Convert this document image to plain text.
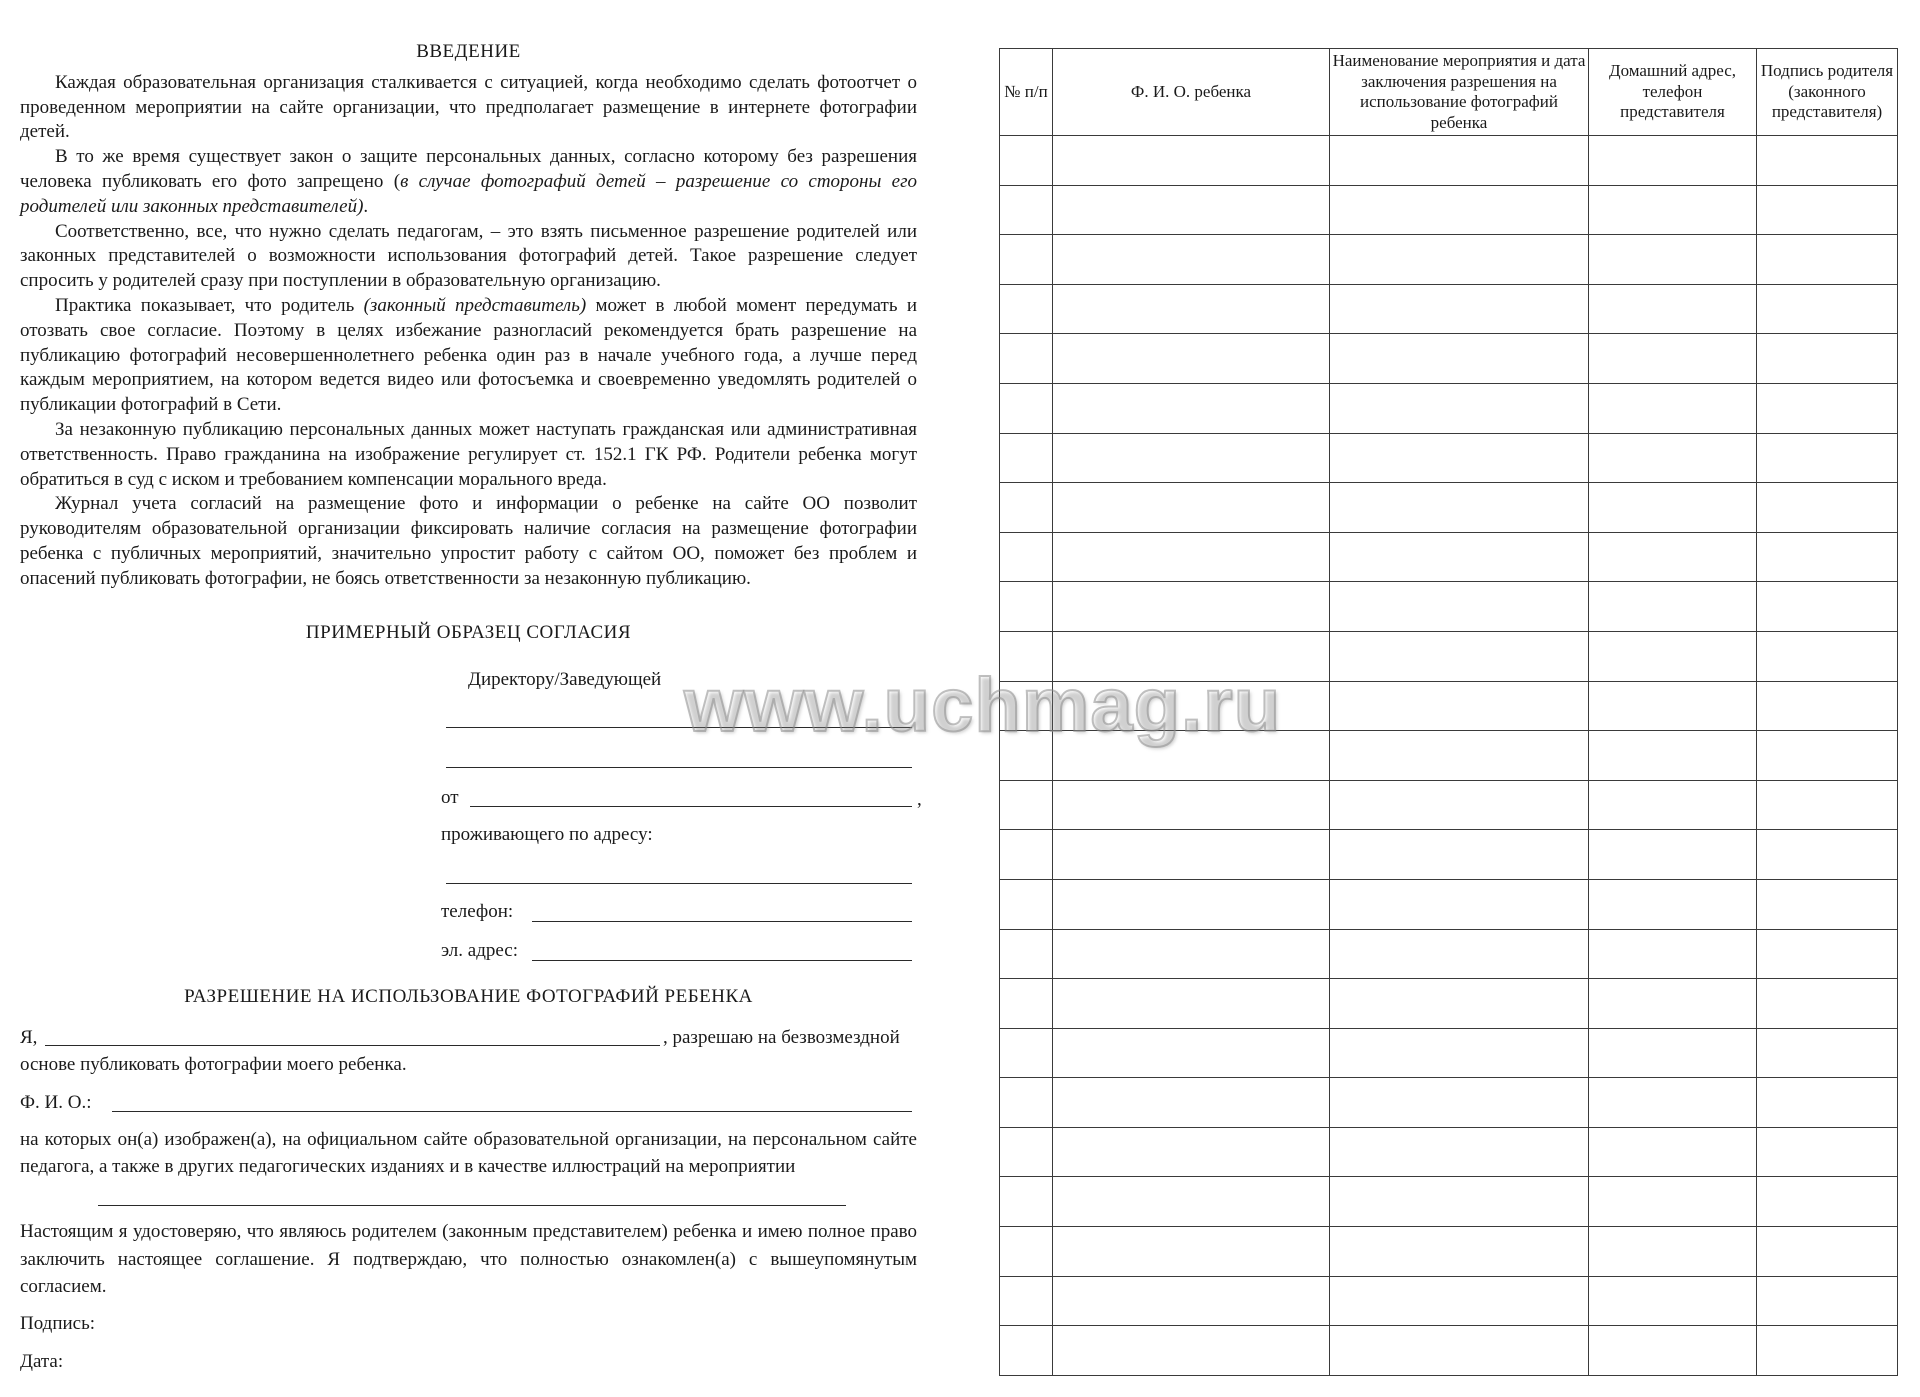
ВВЕДЕНИЕ

Каждая образовательная организация сталкивается с ситуацией, когда необходимо сделать фотоотчет о проведенном мероприятии на сайте организации, что предполагает размещение в интернете фотографии детей.

В то же время существует закон о защите персональных данных, согласно которому без разрешения человека публиковать его фото запрещено (в случае фотографий детей – разрешение со стороны его родителей или законных представителей).

Соответственно, все, что нужно сделать педагогам, – это взять письменное разрешение родителей или законных представителей о возможности использования фотографий детей. Такое разрешение следует спросить у родителей сразу при поступлении в образовательную организацию.

Практика показывает, что родитель (законный представитель) может в любой момент передумать и отозвать свое согласие. Поэтому в целях избежание разногласий рекомендуется брать разрешение на публикацию фотографий несовершеннолетнего ребенка один раз в начале учебного года, а лучше перед каждым мероприятием, на котором ведется видео или фотосъемка и своевременно уведомлять родителей о публикации фотографий в Сети.

За незаконную публикацию персональных данных может наступать гражданская или административная ответственность. Право гражданина на изображение регулирует ст. 152.1 ГК РФ. Родители ребенка могут обратиться в суд с иском и требованием компенсации морального вреда.

Журнал учета согласий на размещение фото и информации о ребенке на сайте ОО позволит руководителям образовательной организации фиксировать наличие согласия на размещение фотографии ребенка с публичных мероприятий, значительно упростит работу с сайтом ОО, поможет без проблем и опасений публиковать фотографии, не боясь ответственности за незаконную публикацию.

ПРИМЕРНЫЙ ОБРАЗЕЦ СОГЛАСИЯ

Директору/Заведующей
от	,
проживающего по адресу:
телефон:
эл. адрес:

РАЗРЕШЕНИЕ НА ИСПОЛЬЗОВАНИЕ ФОТОГРАФИЙ РЕБЕНКА

Я,	, разрешаю на безвозмездной
основе публиковать фотографии моего ребенка.
Ф. И. О.:
на которых он(а) изображен(а), на официальном сайте образовательной организации, на персональном сайте педагога, а также в других педагогических изданиях и в качестве иллюстраций на мероприятии
Настоящим я удостоверяю, что являюсь родителем (законным представителем) ребенка и имею полное право заключить настоящее соглашение. Я подтверждаю, что полностью ознакомлен(а) с вышеупомянутым согласием.
Подпись:
Дата:
№ п/п	Ф. И. О. ребенка	Наименование мероприятия и дата заключения разрешения на использование фотографий ребенка	Домашний адрес, телефон представителя	Подпись родителя (законного представителя)

www.uchmag.ru
